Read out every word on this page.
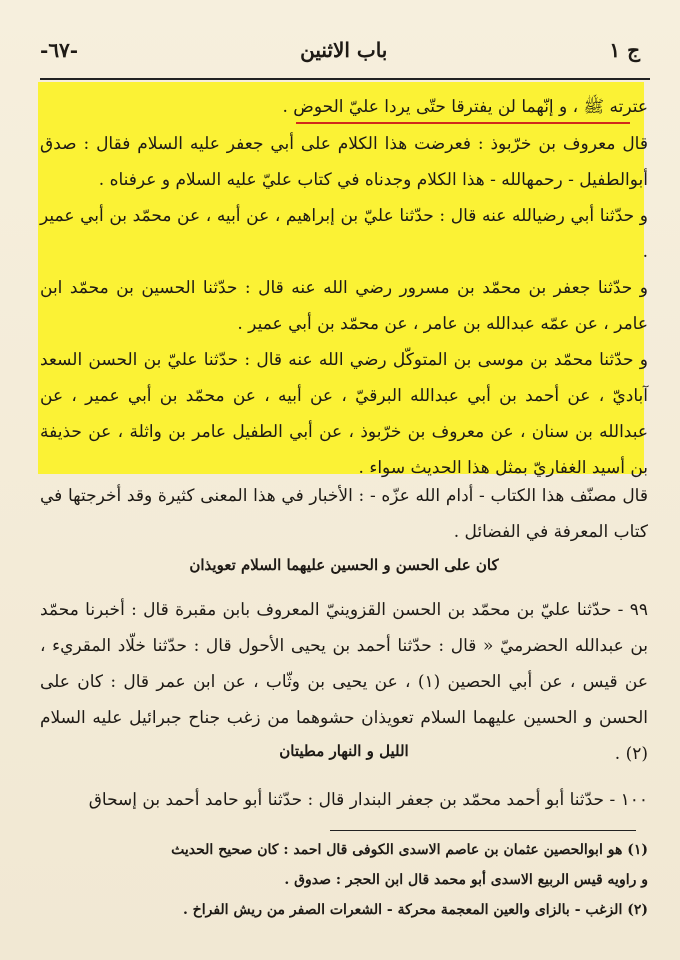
-٦٧-	باب الاثنين	ج ١

عترته ﷺ ، و إنّهما لن يفترقا حتّى يردا عليّ الحوض .

قال معروف بن خرّبوذ : فعرضت هذا الكلام على أبي جعفر عليه السلام فقال : صدق أبوالطفيل - رحمهالله - هذا الكلام وجدناه في كتاب عليّ عليه السلام و عرفناه .

و حدّثنا أبي رضيالله عنه قال : حدّثنا عليّ بن إبراهيم ، عن أبيه ، عن محمّد بن أبي عمير .

و حدّثنا جعفر بن محمّد بن مسرور رضي الله عنه قال : حدّثنا الحسين بن محمّد ابن عامر ، عن عمّه عبدالله بن عامر ، عن محمّد بن أبي عمير .

و حدّثنا محمّد بن موسى بن المتوكّل رضي الله عنه قال : حدّثنا عليّ بن الحسن السعد آباديّ ، عن أحمد بن أبي عبدالله البرقيّ ، عن أبيه ، عن محمّد بن أبي عمير ، عن عبدالله بن سنان ، عن معروف بن خرّبوذ ، عن أبي الطفيل عامر بن واثلة ، عن حذيفة بن أسيد الغفاريّ بمثل هذا الحديث سواء .

قال مصنّف هذا الكتاب - أدام الله عزّه - : الأخبار في هذا المعنى كثيرة وقد أخرجتها في كتاب المعرفة في الفضائل .

كان على الحسن و الحسين عليهما السلام تعويذان

٩٩ - حدّثنا عليّ بن محمّد بن الحسن القزوينيّ المعروف بابن مقبرة قال : أخبرنا محمّد بن عبدالله الحضرميّ « قال : حدّثنا أحمد بن يحيى الأحول قال : حدّثنا خلّاد المقريء ، عن قيس ، عن أبي الحصين (١) ، عن يحيى بن وثّاب ، عن ابن عمر قال : كان على الحسن و الحسين عليهما السلام تعويذان حشوهما من زغب جناح جبرائيل عليه السلام (٢) .

الليل و النهار مطيتان

١٠٠ - حدّثنا أبو أحمد محمّد بن جعفر البندار قال : حدّثنا أبو حامد أحمد بن إسحاق

(١) هو ابوالحصين عثمان بن عاصم الاسدى الكوفى قال احمد : كان صحيح الحديث

و راويه قيس الربيع الاسدى أبو محمد قال ابن الحجر : صدوق .

(٢) الزغب - بالزاى والعين المعجمة محركة - الشعرات الصفر من ريش الفراخ .
